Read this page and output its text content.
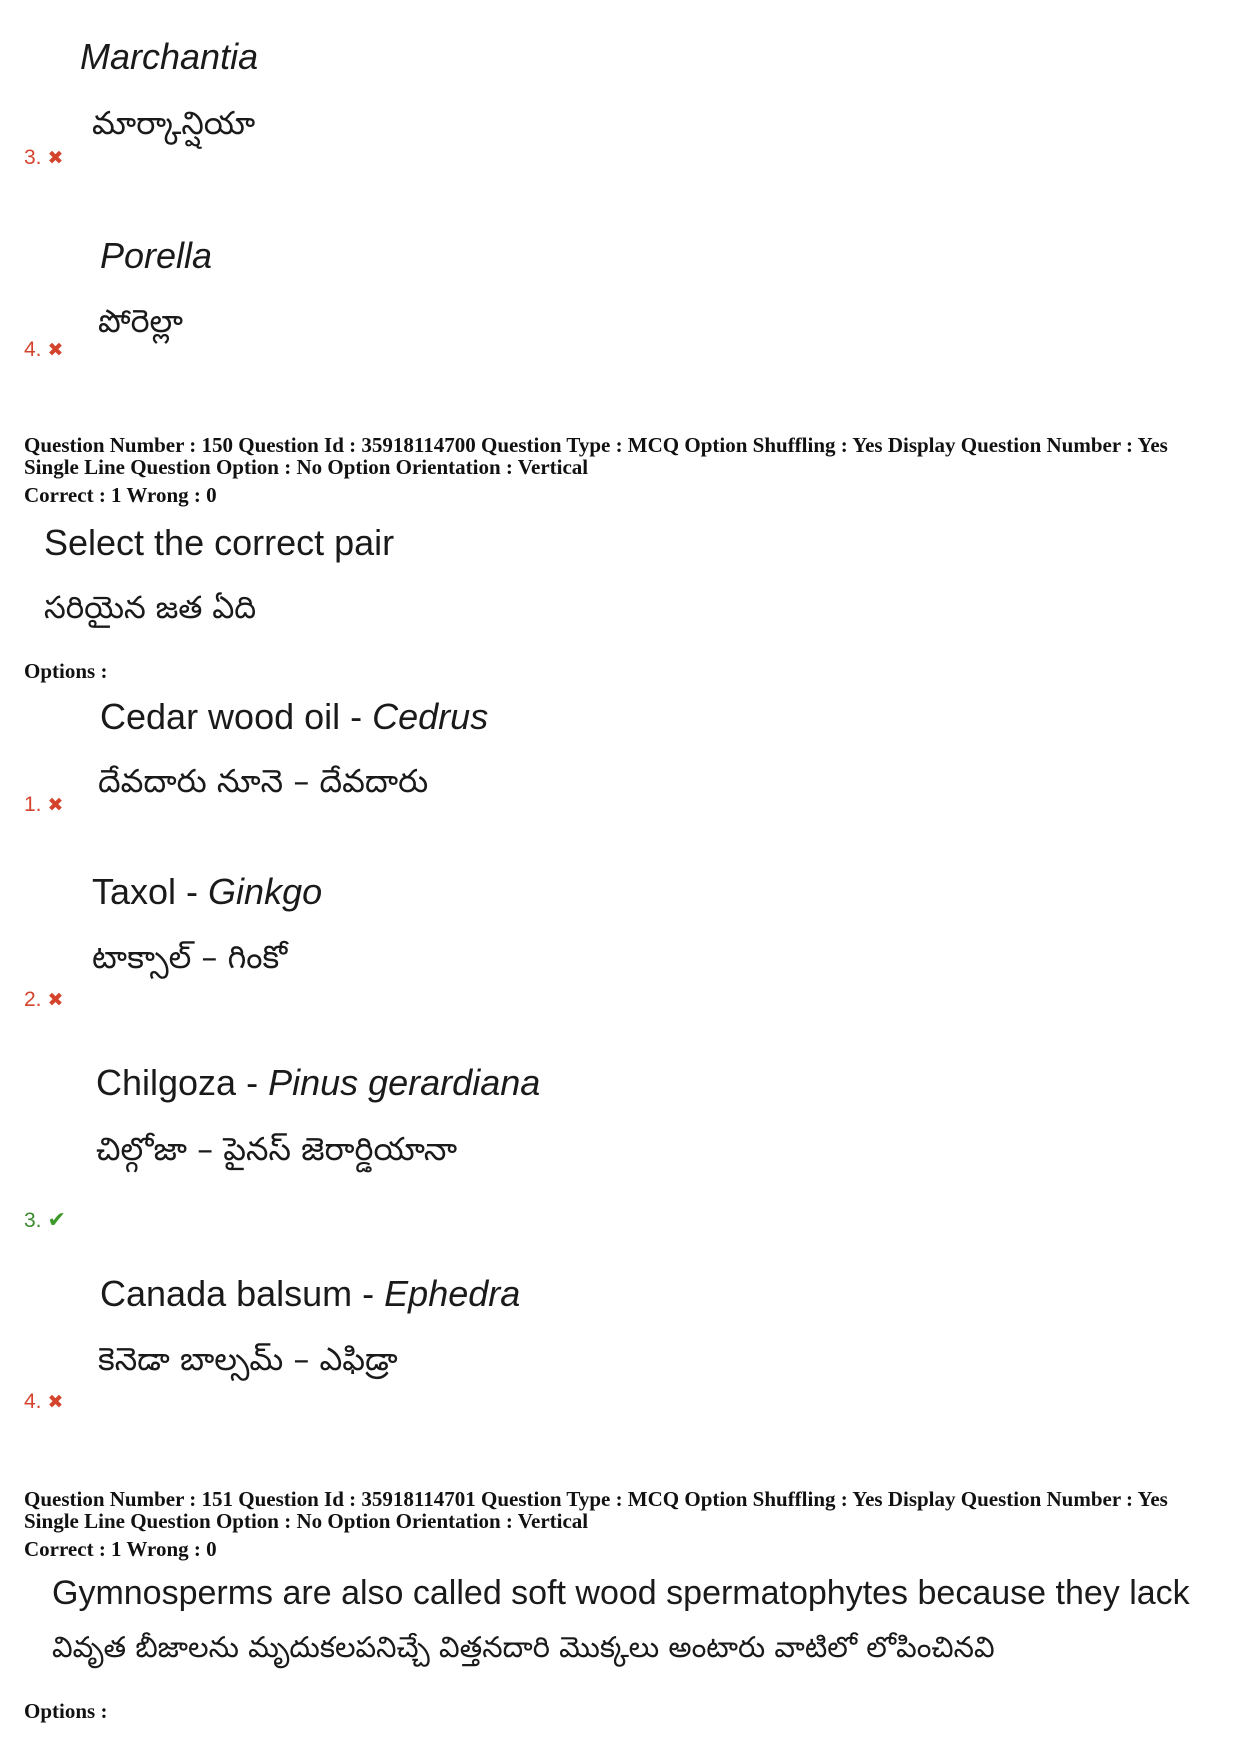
Marchantia
మార్కాన్షియా
3. ✖
Porella
పోరెల్లా
4. ✖
Question Number : 150 Question Id : 35918114700 Question Type : MCQ Option Shuffling : Yes Display Question Number : Yes
Single Line Question Option : No Option Orientation : Vertical
Correct : 1 Wrong : 0
Select the correct pair
సరియైన జత ఏది
Options :
Cedar wood oil - Cedrus
దేవదారు నూనె – దేవదారు
1. ✖
Taxol - Ginkgo
టాక్సాల్ – గింకో
2. ✖
Chilgoza - Pinus gerardiana
చిల్గోజా – పైనస్ జెరార్డియానా
3. ✔
Canada balsum - Ephedra
కెనెడా బాల్సమ్ – ఎఫిడ్రా
4. ✖
Question Number : 151 Question Id : 35918114701 Question Type : MCQ Option Shuffling : Yes Display Question Number : Yes
Single Line Question Option : No Option Orientation : Vertical
Correct : 1 Wrong : 0
Gymnosperms are also called soft wood spermatophytes because they lack
వివృత బీజాలను మృదుకలపనిచ్చే విత్తనదారి మొక్కలు అంటారు వాటిలో లోపించినవి
Options :
